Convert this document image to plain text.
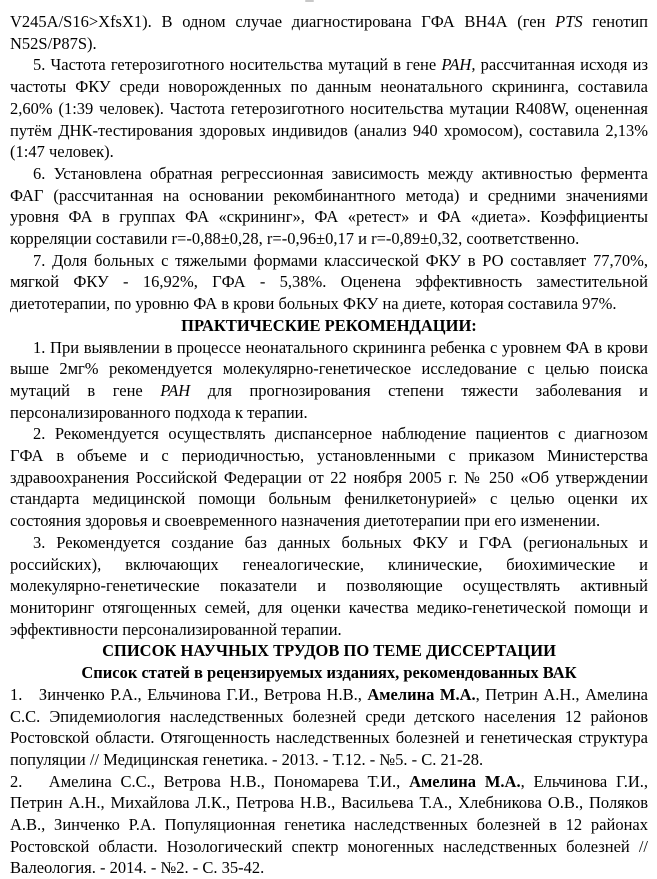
V245A/S16>XfsX1). В одном случае диагностирована ГФА ВН4А (ген PTS генотип N52S/P87S).

5. Частота гетерозиготного носительства мутаций в гене PAH, рассчитанная исходя из частоты ФКУ среди новорожденных по данным неонатального скрининга, составила 2,60% (1:39 человек). Частота гетерозиготного носительства мутации R408W, оцененная путём ДНК-тестирования здоровых индивидов (анализ 940 хромосом), составила 2,13% (1:47 человек).

6. Установлена обратная регрессионная зависимость между активностью фермента ФАГ (рассчитанная на основании рекомбинантного метода) и средними значениями уровня ФА в группах ФА «скрининг», ФА «ретест» и ФА «диета». Коэффициенты корреляции составили r=-0,88±0,28, r=-0,96±0,17 и r=-0,89±0,32, соответственно.

7. Доля больных с тяжелыми формами классической ФКУ в РО составляет 77,70%, мягкой ФКУ - 16,92%, ГФА - 5,38%. Оценена эффективность заместительной диетотерапии, по уровню ФА в крови больных ФКУ на диете, которая составила 97%.

ПРАКТИЧЕСКИЕ РЕКОМЕНДАЦИИ:

1. При выявлении в процессе неонатального скрининга ребенка с уровнем ФА в крови выше 2мг% рекомендуется молекулярно-генетическое исследование с целью поиска мутаций в гене PAH для прогнозирования степени тяжести заболевания и персонализированного подхода к терапии.

2. Рекомендуется осуществлять диспансерное наблюдение пациентов с диагнозом ГФА в объеме и с периодичностью, установленными с приказом Министерства здравоохранения Российской Федерации от 22 ноября 2005 г. № 250 «Об утверждении стандарта медицинской помощи больным фенилкетонурией» с целью оценки их состояния здоровья и своевременного назначения диетотерапии при его изменении.

3. Рекомендуется создание баз данных больных ФКУ и ГФА (региональных и российских), включающих генеалогические, клинические, биохимические и молекулярно-генетические показатели и позволяющие осуществлять активный мониторинг отягощенных семей, для оценки качества медико-генетической помощи и эффективности персонализированной терапии.

СПИСОК НАУЧНЫХ ТРУДОВ ПО ТЕМЕ ДИССЕРТАЦИИ
Список статей в рецензируемых изданиях, рекомендованных ВАК

1.   Зинченко Р.А., Ельчинова Г.И., Ветрова Н.В., Амелина М.А., Петрин А.Н., Амелина С.С. Эпидемиология наследственных болезней среди детского населения 12 районов Ростовской области. Отягощенность наследственных болезней и генетическая структура популяции // Медицинская генетика. - 2013. - Т.12. - №5. - С. 21-28.

2.   Амелина С.С., Ветрова Н.В., Пономарева Т.И., Амелина М.А., Ельчинова Г.И., Петрин А.Н., Михайлова Л.К., Петрова Н.В., Васильева Т.А., Хлебникова О.В., Поляков А.В., Зинченко Р.А. Популяционная генетика наследственных болезней в 12 районах Ростовской области. Нозологический спектр моногенных наследственных болезней // Валеология. - 2014. - №2. - С. 35-42.
